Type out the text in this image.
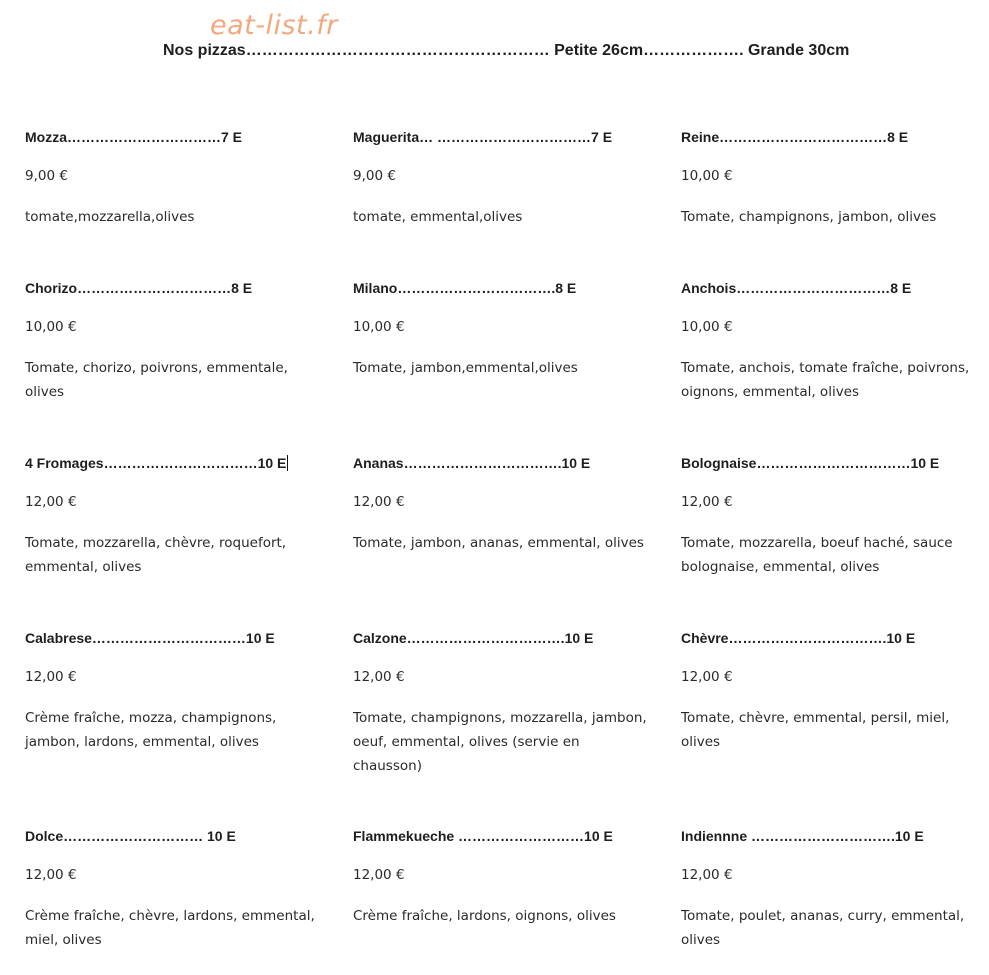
eat-list.fr
Nos pizzas………………………………………………… Petite 26cm………………. Grande 30cm
Mozza……………………………7 E
9,00 €
tomate,mozzarella,olives
Maguerita… ……………………………7 E
9,00 €
tomate, emmental,olives
Reine………………………………8 E
10,00 €
Tomate, champignons, jambon, olives
Chorizo……………………………8 E
10,00 €
Tomate, chorizo, poivrons, emmentale, olives
Milano…………………………….8 E
10,00 €
Tomate, jambon,emmental,olives
Anchois……………………………8 E
10,00 €
Tomate, anchois, tomate fraîche, poivrons, oignons, emmental, olives
4 Fromages……………………………10 E
12,00 €
Tomate, mozzarella, chèvre, roquefort, emmental, olives
Ananas…………………………….10 E
12,00 €
Tomate, jambon, ananas, emmental, olives
Bolognaise……………………………10 E
12,00 €
Tomate, mozzarella, boeuf haché, sauce bolognaise, emmental, olives
Calabrese……………………………10 E
12,00 €
Crème fraîche, mozza, champignons, jambon, lardons, emmental, olives
Calzone…………………………….10 E
12,00 €
Tomate, champignons, mozzarella, jambon, oeuf, emmental, olives (servie en chausson)
Chèvre…………………………….10 E
12,00 €
Tomate, chèvre, emmental, persil, miel, olives
Dolce………………………… 10 E
12,00 €
Crème fraîche, chèvre, lardons, emmental, miel, olives
Flammekueche ………………………10 E
12,00 €
Crème fraîche, lardons, oignons, olives
Indiennne ………………………….10 E
12,00 €
Tomate, poulet, ananas, curry, emmental, olives
